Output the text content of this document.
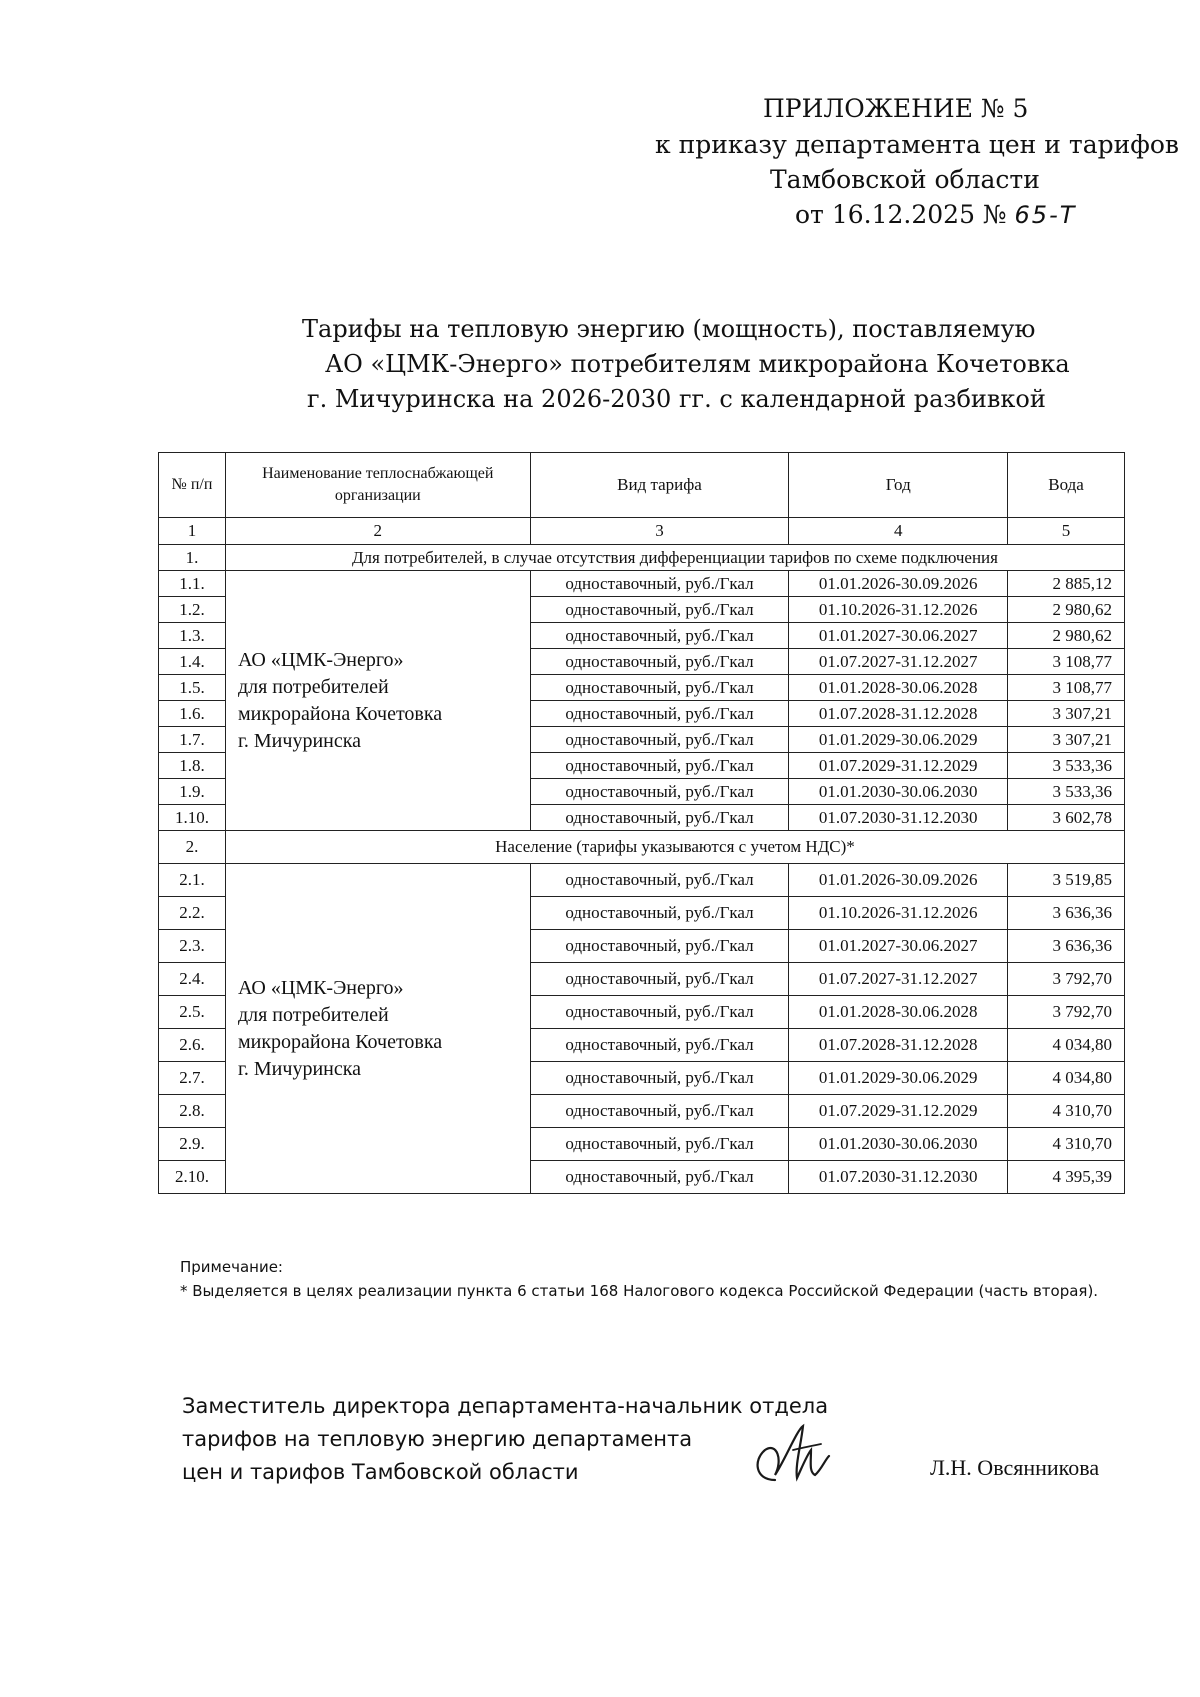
ПРИЛОЖЕНИЕ № 5
к приказу департамента цен и тарифов
Тамбовской области
от 16.12.2025 № 65-Т
Тарифы на тепловую энергию (мощность), поставляемую
АО «ЦМК-Энерго» потребителям микрорайона Кочетовка
г. Мичуринска на 2026-2030 гг. с календарной разбивкой
№ п/п	Наименование теплоснабжающей организации	Вид тарифа	Год	Вода
1	2	3	4	5
1.	Для потребителей, в случае отсутствия дифференциации тарифов по схеме подключения			
1.1.	АО «ЦМК-Энерго»
для потребителей
микрорайона Кочетовка
г. Мичуринска	одноставочный, руб./Гкал	01.01.2026-30.09.2026	2 885,12
1.2.		одноставочный, руб./Гкал	01.10.2026-31.12.2026	2 980,62
1.3.		одноставочный, руб./Гкал	01.01.2027-30.06.2027	2 980,62
1.4.		одноставочный, руб./Гкал	01.07.2027-31.12.2027	3 108,77
1.5.		одноставочный, руб./Гкал	01.01.2028-30.06.2028	3 108,77
1.6.		одноставочный, руб./Гкал	01.07.2028-31.12.2028	3 307,21
1.7.		одноставочный, руб./Гкал	01.01.2029-30.06.2029	3 307,21
1.8.		одноставочный, руб./Гкал	01.07.2029-31.12.2029	3 533,36
1.9.		одноставочный, руб./Гкал	01.01.2030-30.06.2030	3 533,36
1.10.		одноставочный, руб./Гкал	01.07.2030-31.12.2030	3 602,78
2.	Население (тарифы указываются с учетом НДС)*			
2.1.	АО «ЦМК-Энерго»
для потребителей
микрорайона Кочетовка
г. Мичуринска	одноставочный, руб./Гкал	01.01.2026-30.09.2026	3 519,85
2.2.		одноставочный, руб./Гкал	01.10.2026-31.12.2026	3 636,36
2.3.		одноставочный, руб./Гкал	01.01.2027-30.06.2027	3 636,36
2.4.		одноставочный, руб./Гкал	01.07.2027-31.12.2027	3 792,70
2.5.		одноставочный, руб./Гкал	01.01.2028-30.06.2028	3 792,70
2.6.		одноставочный, руб./Гкал	01.07.2028-31.12.2028	4 034,80
2.7.		одноставочный, руб./Гкал	01.01.2029-30.06.2029	4 034,80
2.8.		одноставочный, руб./Гкал	01.07.2029-31.12.2029	4 310,70
2.9.		одноставочный, руб./Гкал	01.01.2030-30.06.2030	4 310,70
2.10.		одноставочный, руб./Гкал	01.07.2030-31.12.2030	4 395,39
Примечание:
* Выделяется в целях реализации пункта 6 статьи 168 Налогового кодекса Российской Федерации (часть вторая).
Заместитель директора департамента-начальник отдела
тарифов на тепловую энергию департамента
цен и тарифов Тамбовской области	Л.Н. Овсянникова
